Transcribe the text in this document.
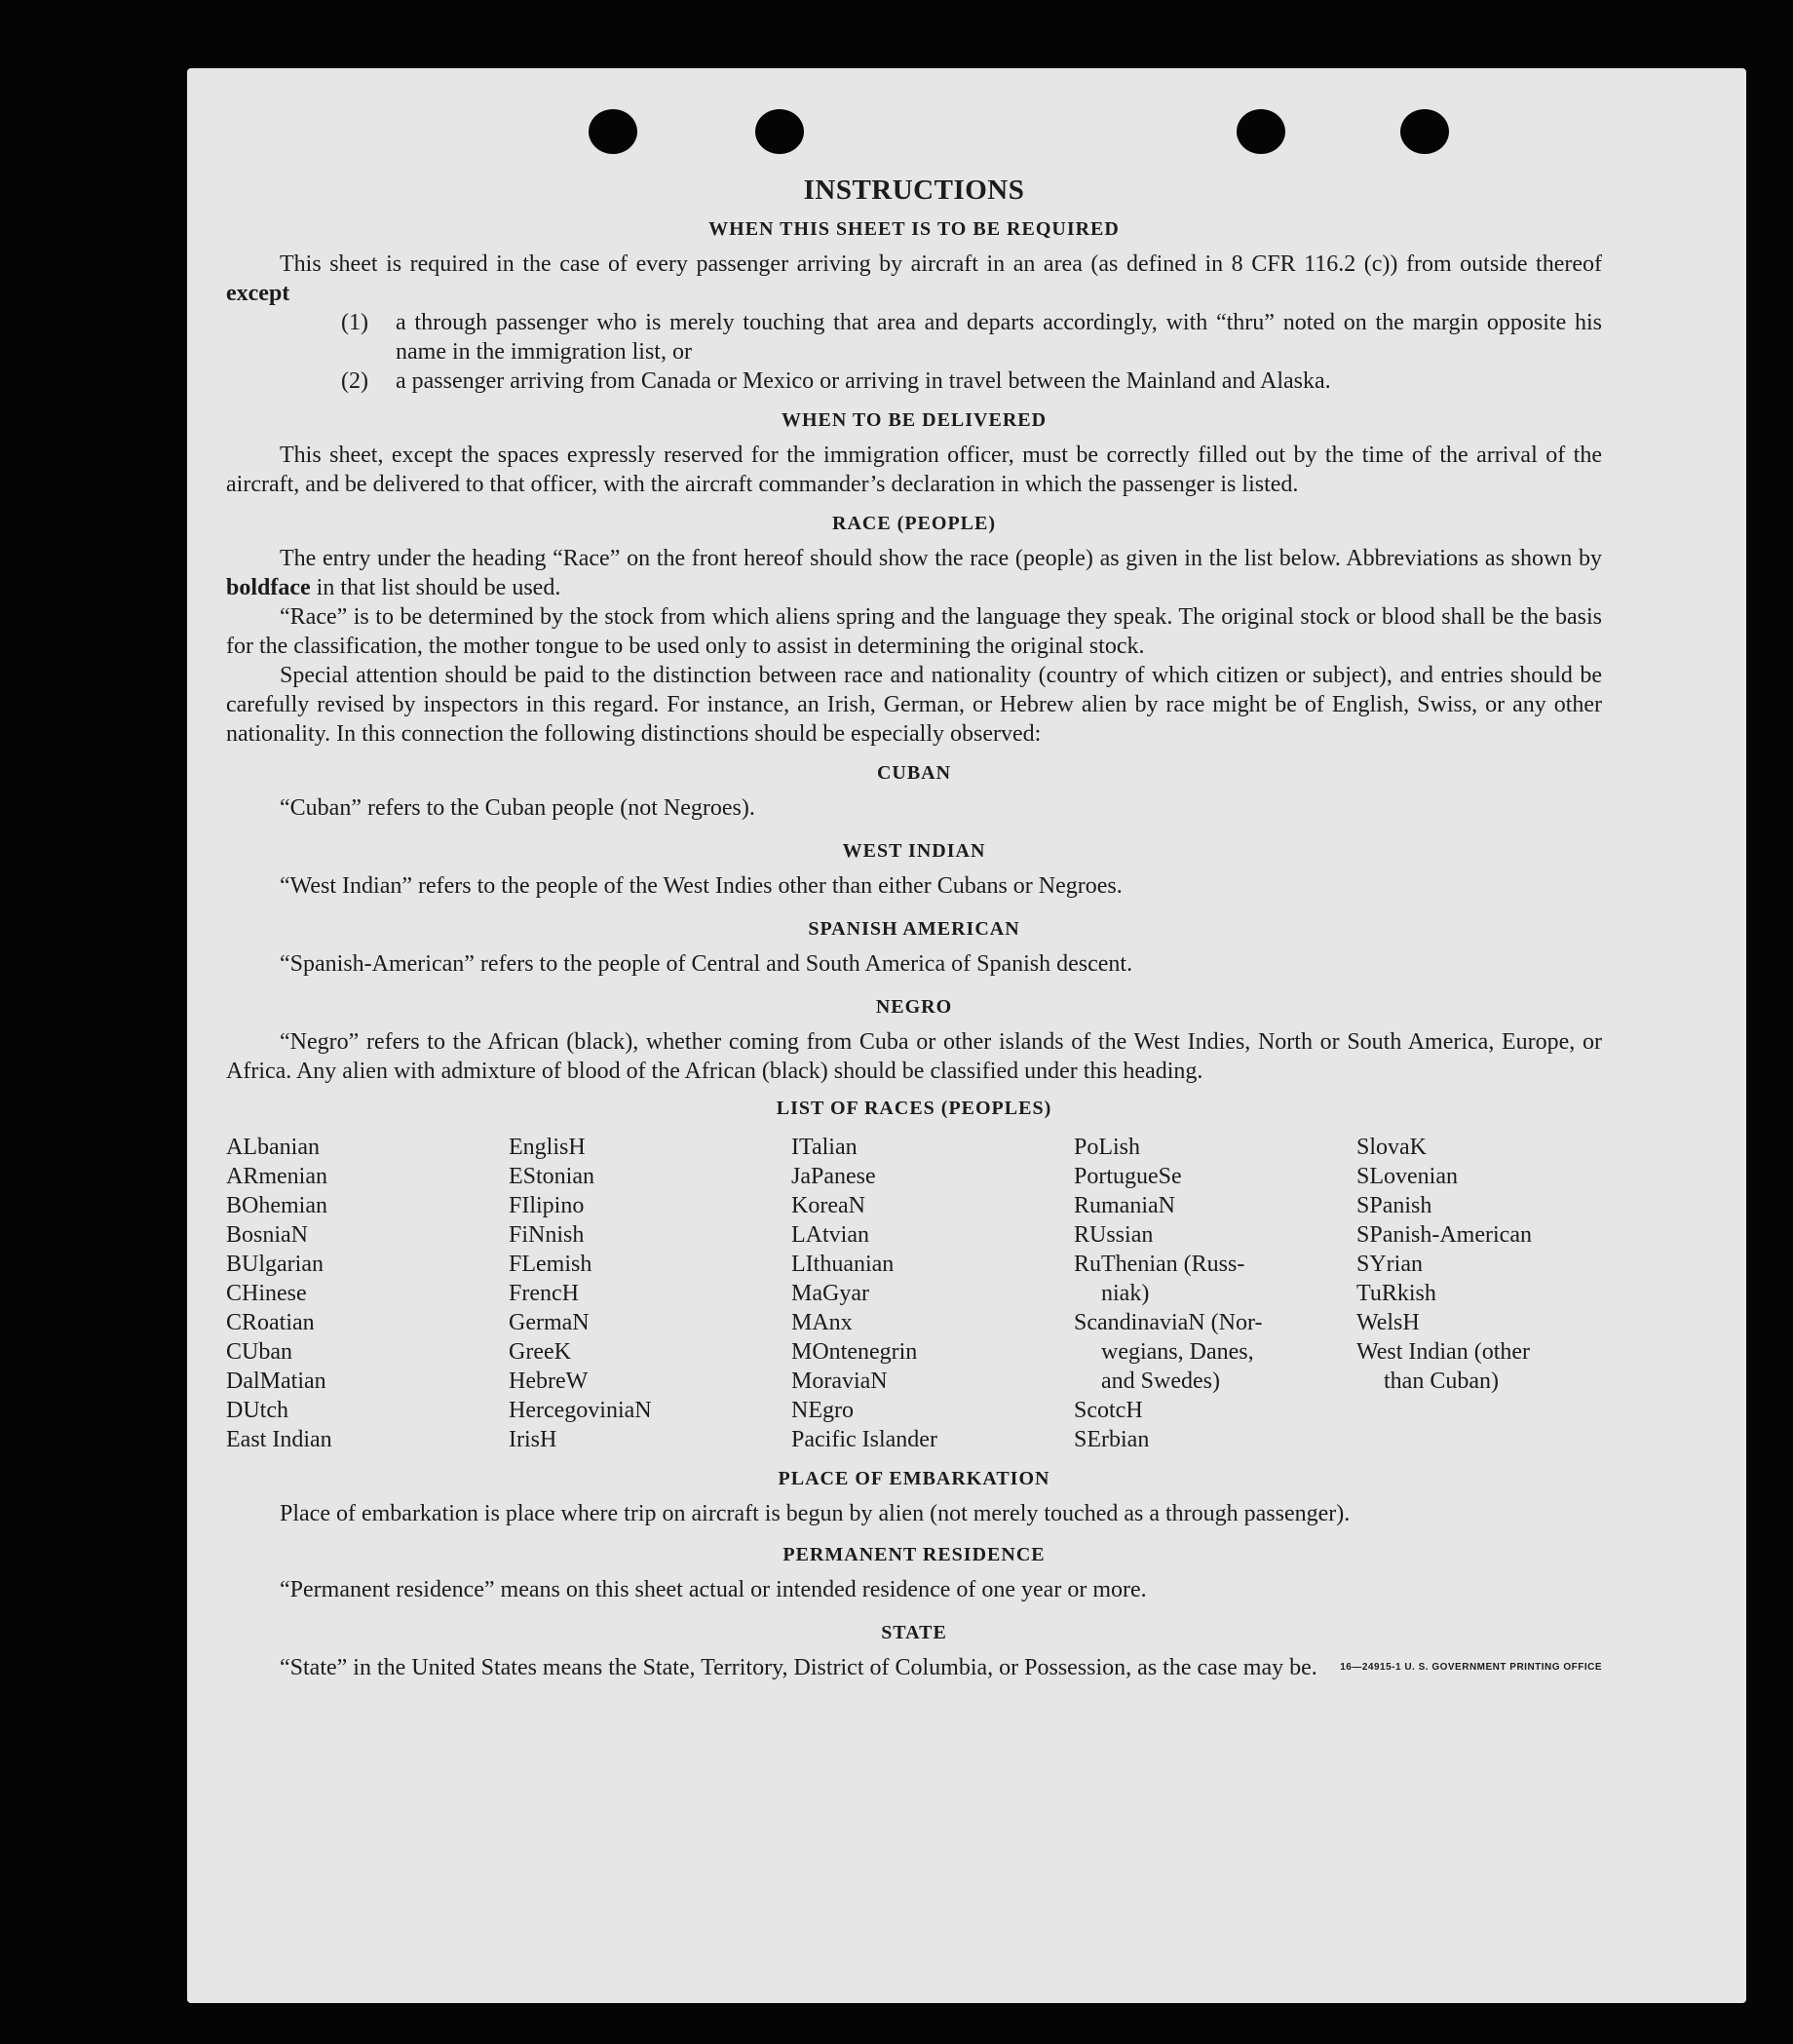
INSTRUCTIONS
WHEN THIS SHEET IS TO BE REQUIRED

This sheet is required in the case of every passenger arriving by aircraft in an area (as defined in 8 CFR 116.2 (c)) from outside thereof except

(1)	a through passenger who is merely touching that area and departs accordingly, with “thru” noted on the margin opposite his name in the immigration list, or
(2)	a passenger arriving from Canada or Mexico or arriving in travel between the Mainland and Alaska.
WHEN TO BE DELIVERED

This sheet, except the spaces expressly reserved for the immigration officer, must be correctly filled out by the time of the arrival of the aircraft, and be delivered to that officer, with the aircraft commander’s declaration in which the passenger is listed.

RACE (PEOPLE)

The entry under the heading “Race” on the front hereof should show the race (people) as given in the list below. Abbreviations as shown by boldface in that list should be used.

“Race” is to be determined by the stock from which aliens spring and the language they speak. The original stock or blood shall be the basis for the classification, the mother tongue to be used only to assist in determining the original stock.

Special attention should be paid to the distinction between race and nationality (country of which citizen or subject), and entries should be carefully revised by inspectors in this regard. For instance, an Irish, German, or Hebrew alien by race might be of English, Swiss, or any other nationality. In this connection the following distinctions should be especially observed:

CUBAN

“Cuban” refers to the Cuban people (not Negroes).

WEST INDIAN

“West Indian” refers to the people of the West Indies other than either Cubans or Negroes.

SPANISH AMERICAN

“Spanish-American” refers to the people of Central and South America of Spanish descent.

NEGRO

“Negro” refers to the African (black), whether coming from Cuba or other islands of the West Indies, North or South America, Europe, or Africa. Any alien with admixture of blood of the African (black) should be classified under this heading.

LIST OF RACES (PEOPLES)
ALbanian
ARmenian
BOhemian
BosniaN
BUlgarian
CHinese
CRoatian
CUban
DalMatian
DUtch
East Indian
EnglisH
EStonian
FIlipino
FiNnish
FLemish
FrencH
GermaN
GreeK
HebreW
HercegoviniaN
IrisH
ITalian
JaPanese
KoreaN
LAtvian
LIthuanian
MaGyar
MAnx
MOntenegrin
MoraviaN
NEgro
Pacific Islander
PoLish
PortugueSe
RumaniaN
RUssian
RuThenian (Russ-
niak)
ScandinaviaN (Nor-
wegians, Danes,
and Swedes)
ScotcH
SErbian
SlovaK
SLovenian
SPanish
SPanish-American
SYrian
TuRkish
WelsH
West Indian (other
than Cuban)
PLACE OF EMBARKATION

Place of embarkation is place where trip on aircraft is begun by alien (not merely touched as a through passenger).

PERMANENT RESIDENCE

“Permanent residence” means on this sheet actual or intended residence of one year or more.

STATE

“State” in the United States means the State, Territory, District of Columbia, or Possession, as the case may be.	16—24915-1 U. S. GOVERNMENT PRINTING OFFICE
